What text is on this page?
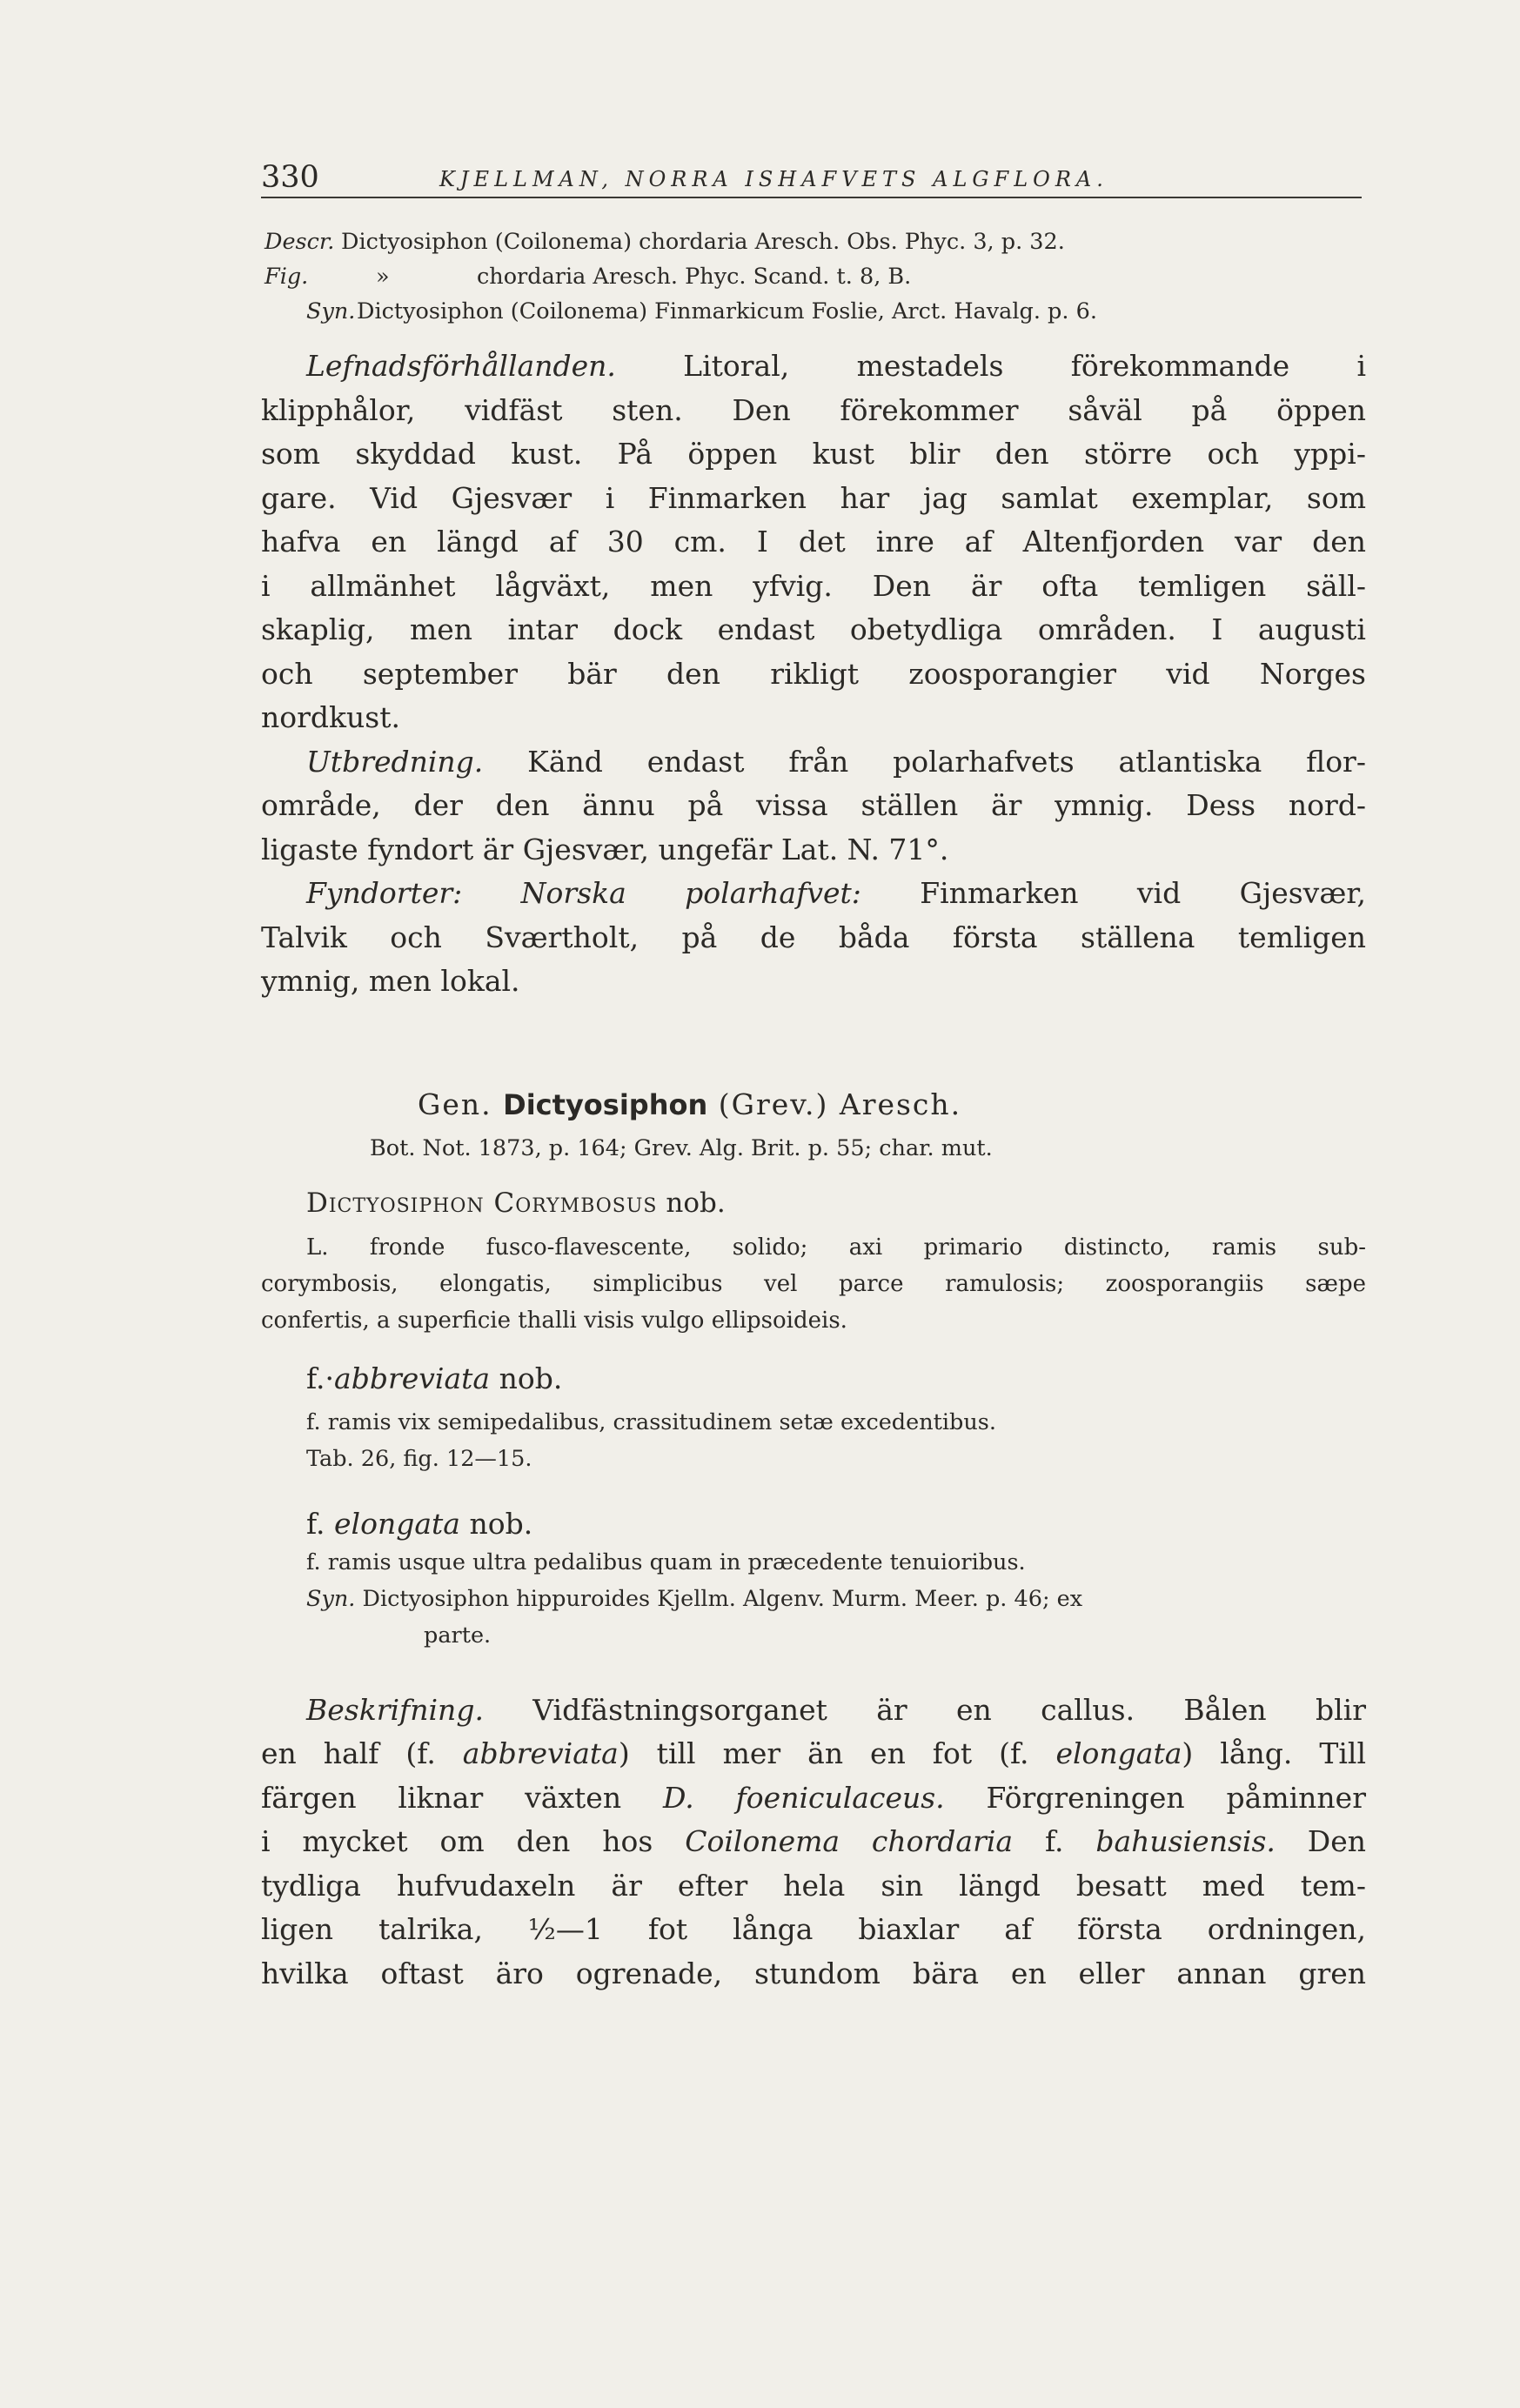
330	KJELLMAN, NORRA ISHAFVETS ALGFLORA.
Descr. Dictyosiphon (Coilonema) chordaria Aresch. Obs. Phyc. 3, p. 32.
Fig.	»	chordaria Aresch. Phyc. Scand. t. 8, B.
Syn. Dictyosiphon (Coilonema) Finmarkicum Foslie, Arct. Havalg. p. 6.
Lefnadsförhållanden. Litoral, mestadels förekommande i
klipphålor, vidfäst sten. Den förekommer såväl på öppen
som skyddad kust. På öppen kust blir den större och yppi-
gare. Vid Gjesvær i Finmarken har jag samlat exemplar, som
hafva en längd af 30 cm. I det inre af Altenfjorden var den
i allmänhet lågväxt, men yfvig. Den är ofta temligen säll-
skaplig, men intar dock endast obetydliga områden. I augusti
och september bär den rikligt zoosporangier vid Norges
nordkust.
Utbredning. Känd endast från polarhafvets atlantiska flor-
område, der den ännu på vissa ställen är ymnig. Dess nord-
ligaste fyndort är Gjesvær, ungefär Lat. N. 71°.
Fyndorter: Norska polarhafvet: Finmarken vid Gjesvær,
Talvik och Sværtholt, på de båda första ställena temligen
ymnig, men lokal.
Gen. Dictyosiphon (Grev.) Aresch.
Bot. Not. 1873, p. 164; Grev. Alg. Brit. p. 55; char. mut.
Dictyosiphon Corymbosus nob.
L. fronde fusco-flavescente, solido; axi primario distincto, ramis sub-
corymbosis, elongatis, simplicibus vel parce ramulosis; zoosporangiis sæpe
confertis, a superficie thalli visis vulgo ellipsoideis.
f.·abbreviata nob.
f. ramis vix semipedalibus, crassitudinem setæ excedentibus.
Tab. 26, fig. 12—15.
f. elongata nob.
f. ramis usque ultra pedalibus quam in præcedente tenuioribus.
Syn. Dictyosiphon hippuroides Kjellm. Algenv. Murm. Meer. p. 46; ex
parte.
Beskrifning. Vidfästningsorganet är en callus. Bålen blir
en half (f. abbreviata) till mer än en fot (f. elongata) lång. Till
färgen liknar växten D. foeniculaceus. Förgreningen påminner
i mycket om den hos Coilonema chordaria f. bahusiensis. Den
tydliga hufvudaxeln är efter hela sin längd besatt med tem-
ligen talrika, ½—1 fot långa biaxlar af första ordningen,
hvilka oftast äro ogrenade, stundom bära en eller annan gren
